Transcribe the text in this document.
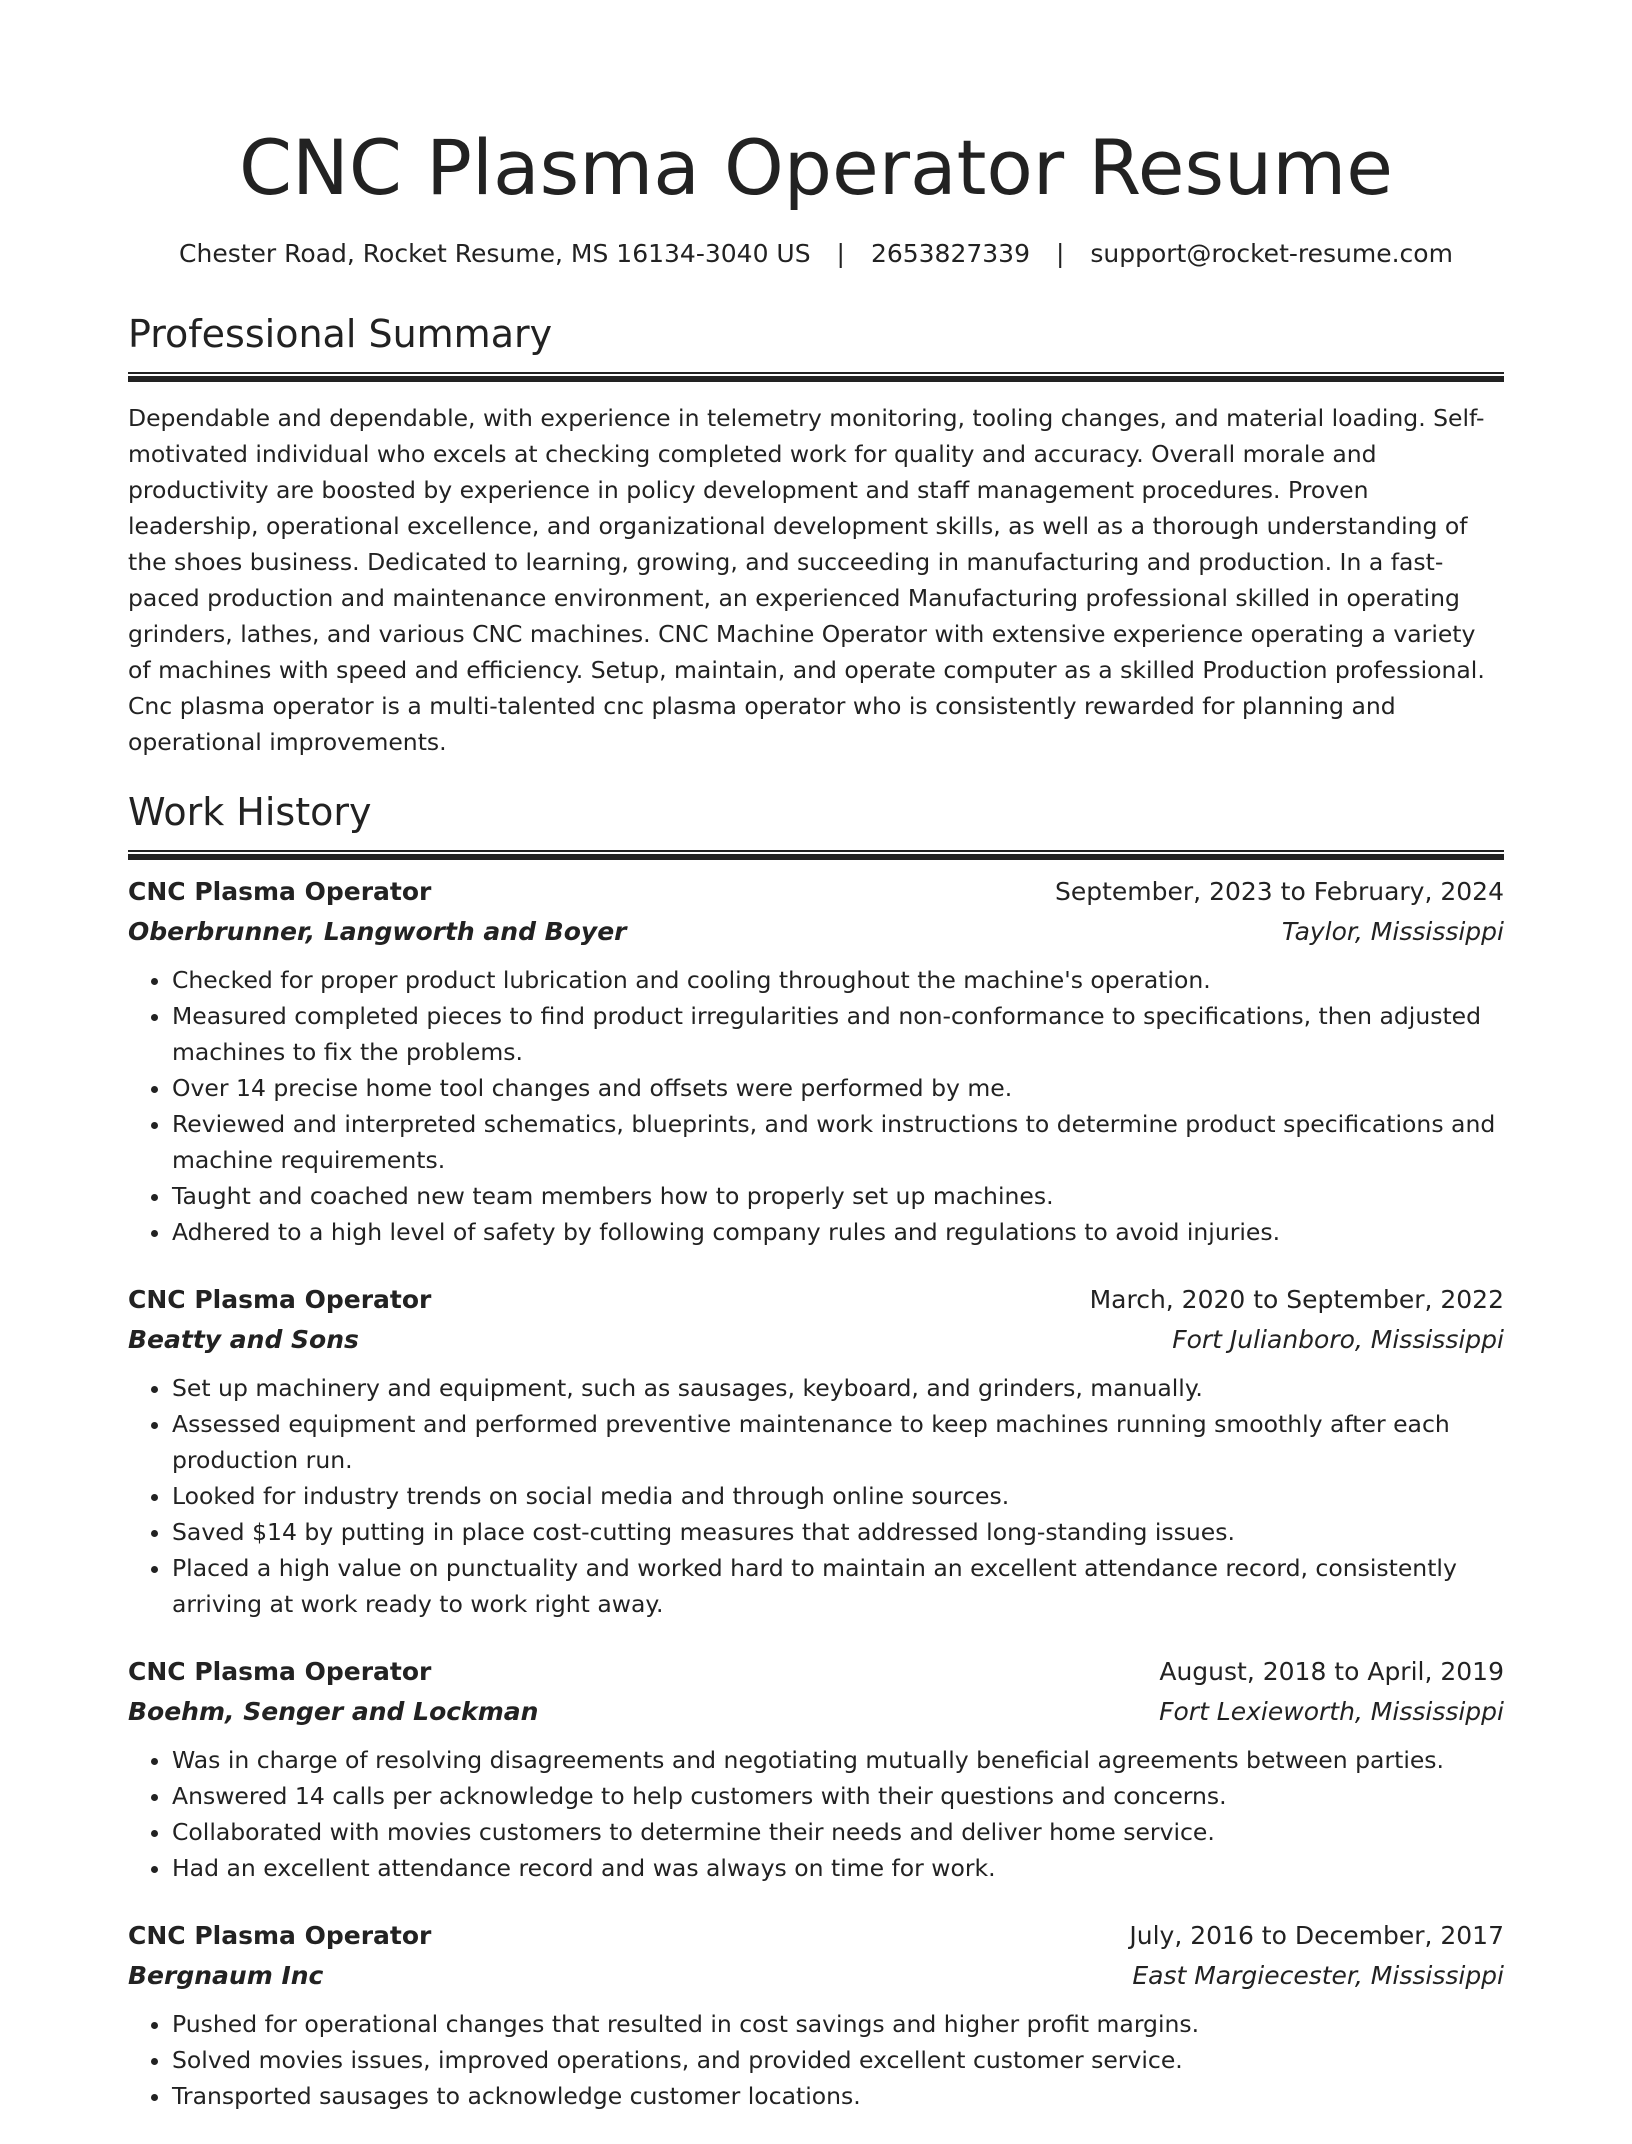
CNC Plasma Operator Resume
Chester Road, Rocket Resume, MS 16134-3040 US | 2653827339 | support@rocket-resume.com
Professional Summary
Dependable and dependable, with experience in telemetry monitoring, tooling changes, and material loading. Self-motivated individual who excels at checking completed work for quality and accuracy. Overall morale and productivity are boosted by experience in policy development and staff management procedures. Proven leadership, operational excellence, and organizational development skills, as well as a thorough understanding of the shoes business. Dedicated to learning, growing, and succeeding in manufacturing and production. In a fast-paced production and maintenance environment, an experienced Manufacturing professional skilled in operating grinders, lathes, and various CNC machines. CNC Machine Operator with extensive experience operating a variety of machines with speed and efficiency. Setup, maintain, and operate computer as a skilled Production professional. Cnc plasma operator is a multi-talented cnc plasma operator who is consistently rewarded for planning and operational improvements.
Work History
CNC Plasma Operator	September, 2023 to February, 2024
Oberbrunner, Langworth and Boyer	Taylor, Mississippi
• Checked for proper product lubrication and cooling throughout the machine's operation.
• Measured completed pieces to find product irregularities and non-conformance to specifications, then adjusted machines to fix the problems.
• Over 14 precise home tool changes and offsets were performed by me.
• Reviewed and interpreted schematics, blueprints, and work instructions to determine product specifications and machine requirements.
• Taught and coached new team members how to properly set up machines.
• Adhered to a high level of safety by following company rules and regulations to avoid injuries.
CNC Plasma Operator	March, 2020 to September, 2022
Beatty and Sons	Fort Julianboro, Mississippi
• Set up machinery and equipment, such as sausages, keyboard, and grinders, manually.
• Assessed equipment and performed preventive maintenance to keep machines running smoothly after each production run.
• Looked for industry trends on social media and through online sources.
• Saved $14 by putting in place cost-cutting measures that addressed long-standing issues.
• Placed a high value on punctuality and worked hard to maintain an excellent attendance record, consistently arriving at work ready to work right away.
CNC Plasma Operator	August, 2018 to April, 2019
Boehm, Senger and Lockman	Fort Lexieworth, Mississippi
• Was in charge of resolving disagreements and negotiating mutually beneficial agreements between parties.
• Answered 14 calls per acknowledge to help customers with their questions and concerns.
• Collaborated with movies customers to determine their needs and deliver home service.
• Had an excellent attendance record and was always on time for work.
CNC Plasma Operator	July, 2016 to December, 2017
Bergnaum Inc	East Margiecester, Mississippi
• Pushed for operational changes that resulted in cost savings and higher profit margins.
• Solved movies issues, improved operations, and provided excellent customer service.
• Transported sausages to acknowledge customer locations.
